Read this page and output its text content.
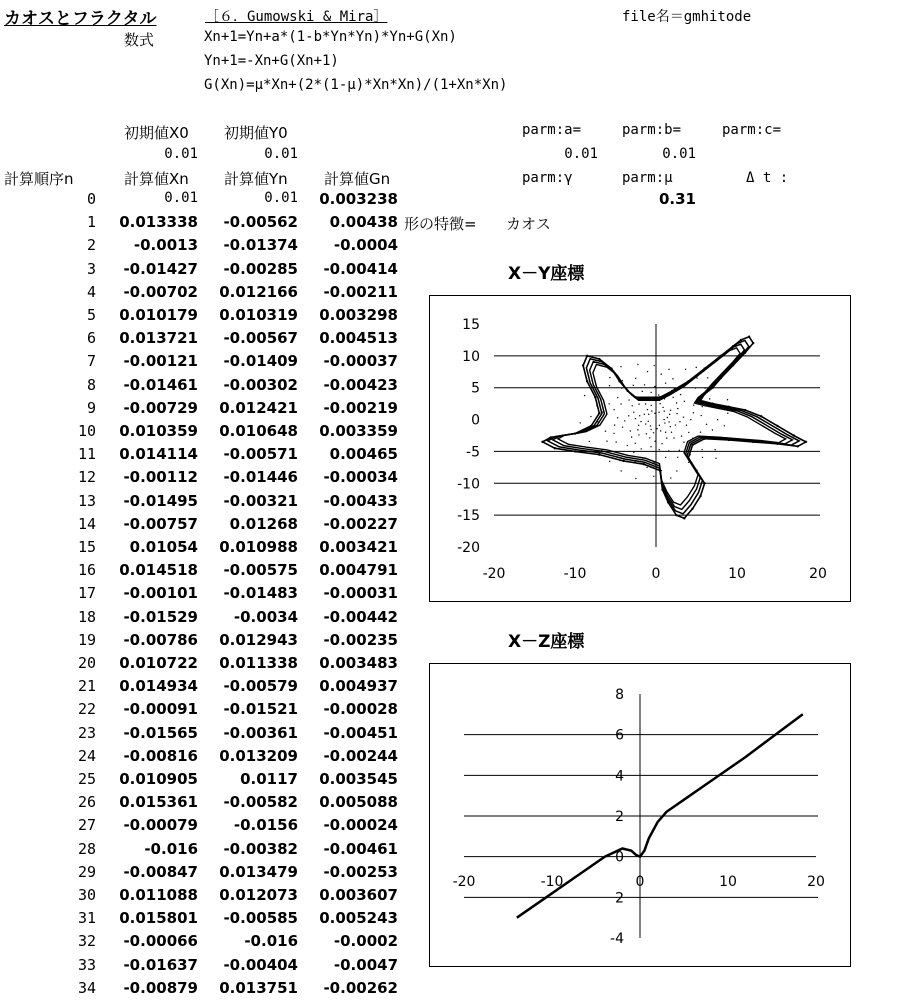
カオスとフラクタル	［６．Gumowski & Mira］	file名＝gmhitode
数式	Xn+1=Yn+a*(1-b*Yn*Yn)*Yn+G(Xn)
Yn+1=-Xn+G(Xn+1)
G(Xn)=μ*Xn+(2*(1-μ)*Xn*Xn)/(1+Xn*Xn)
初期値X0 初期値Y0
0.01	0.01
parm:a=	parm:b=	parm:c=
0.01	0.01
parm:γ	parm:μ	Δ t :
0.31
形の特徴= カオス
計算順序n	計算値Xn 計算値Yn 計算値Gn
0	0.01	0.01	0.003238
1	0.013338	-0.00562	0.00438
2	-0.0013	-0.01374	-0.0004
3	-0.01427	-0.00285	-0.00414
4	-0.00702	0.012166	-0.00211
5	0.010179	0.010319	0.003298
6	0.013721	-0.00567	0.004513
7	-0.00121	-0.01409	-0.00037
8	-0.01461	-0.00302	-0.00423
9	-0.00729	0.012421	-0.00219
10	0.010359	0.010648	0.003359
11	0.014114	-0.00571	0.00465
12	-0.00112	-0.01446	-0.00034
13	-0.01495	-0.00321	-0.00433
14	-0.00757	0.01268	-0.00227
15	0.01054	0.010988	0.003421
16	0.014518	-0.00575	0.004791
17	-0.00101	-0.01483	-0.00031
18	-0.01529	-0.0034	-0.00442
19	-0.00786	0.012943	-0.00235
20	0.010722	0.011338	0.003483
21	0.014934	-0.00579	0.004937
22	-0.00091	-0.01521	-0.00028
23	-0.01565	-0.00361	-0.00451
24	-0.00816	0.013209	-0.00244
25	0.010905	0.0117	0.003545
26	0.015361	-0.00582	0.005088
27	-0.00079	-0.0156	-0.00024
28	-0.016	-0.00382	-0.00461
29	-0.00847	0.013479	-0.00253
30	0.011088	0.012073	0.003607
31	0.015801	-0.00585	0.005243
32	-0.00066	-0.016	-0.0002
33	-0.01637	-0.00404	-0.0047
34	-0.00879	0.013751	-0.00262
X－Y座標
15
10
5
0
-5
-10
-15
-20
-20	-10	0	10	20
X－Z座標
8
6
4
2
0
2
-4
-20	-10	0	10	20
